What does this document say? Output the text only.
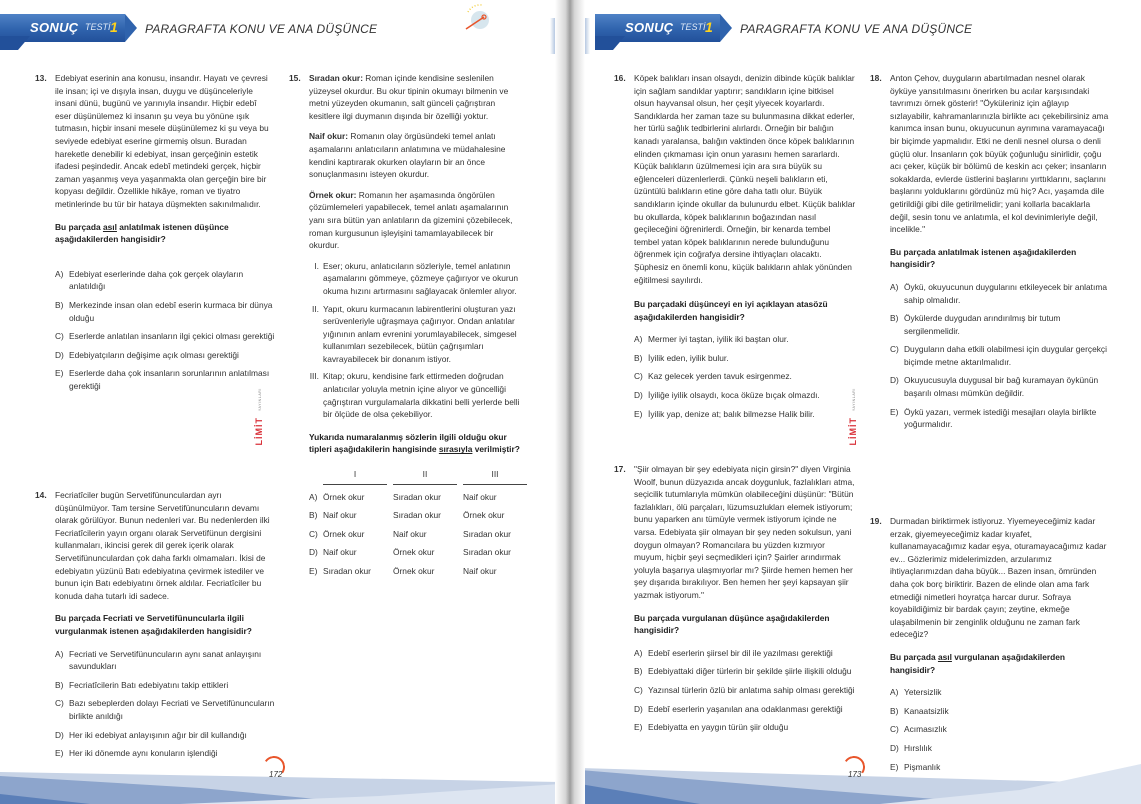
SONUÇ TESTİ 1 PARAGRAFTA KONU VE ANA DÜŞÜNCE
13. Edebiyat eserinin ana konusu, insandır. Hayatı ve çevresi ile insan; içi ve dışıyla insan, duygu ve düşünceleriyle insani dünü, bugünü ve yarınıyla insandır. Hiçbir edebî eser düşünülemez ki insanın şu veya bu yönüne ışık tutmasın, hiçbir insani mesele düşünülemez ki şu veya bu seviyede edebiyat eserine girmemiş olsun. Buradan hareketle denebilir ki edebiyat, insan gerçeğinin estetik ifadesi peşindedir. Ancak edebî metindeki gerçek, hiçbir zaman yaşanmış veya yaşanmakta olan gerçeğin bire bir kopyası değildir. Özellikle hikâye, roman ve tiyatro metinlerinde bu tür bir hataya düşmekten sakınılmalıdır.
Bu parçada asıl anlatılmak istenen düşünce aşağıdakilerden hangisidir?
A) Edebiyat eserlerinde daha çok gerçek olayların anlatıldığı
B) Merkezinde insan olan edebî eserin kurmaca bir dünya olduğu
C) Eserlerde anlatılan insanların ilgi çekici olması gerektiği
D) Edebiyatçıların değişime açık olması gerektiği
E) Eserlerde daha çok insanların sorunlarının anlatılması gerektiği
14. Fecriatîciler bugün Servetifünunculardan ayrı düşünülmüyor. Tam tersine Servetifünuncuların devamı olarak görülüyor. Bunun nedenleri var. Bu nedenlerden ilki Fecriatîcilerin yayın organı olarak Servetifünun dergisini kullanmaları, ikincisi gerek dil gerek içerik olarak Servetifünunculardan çok daha farklı olmamaları. İkisi de edebiyatın yüzünü Batı edebiyatına çevirmek istediler ve bunun için Batı edebiyatını örnek aldılar. Fecriatîciler bu konuda daha tutarlı idi sadece.
Bu parçada Fecriati ve Servetifünuncularla ilgili vurgulanmak istenen aşağıdakilerden hangisidir?
A) Fecriati ve Servetifünuncuların aynı sanat anlayışını savundukları
B) Fecriatîcilerin Batı edebiyatını takip ettikleri
C) Bazı sebeplerden dolayı Fecriati ve Servetifünuncuların birlikte anıldığı
D) Her iki edebiyat anlayışının ağır bir dil kullandığı
E) Her iki dönemde aynı konuların işlendiği
LİMİT
YAYINLARI
15. Sıradan okur: Roman içinde kendisine seslenilen yüzeysel okurdur. Bu okur tipinin okumayı bilmenin ve metni yüzeyden okumanın, salt günceli çağrıştıran kesitlere ilgi duymanın dışında bir özelliği yoktur.
Naif okur: Romanın olay örgüsündeki temel anlatı aşamalarını anlatıcıların anlatımına ve müdahalesine kendini kaptırarak okurken olayların bir an önce sonuçlanmasını isteyen okurdur.
Örnek okur: Romanın her aşamasında öngörülen çözümlemeleri yapabilecek, temel anlatı aşamalarının yanı sıra bütün yan anlatıların da gizemini çözebilecek, roman kurgusunun işleyişini tamamlayabilecek bir okurdur.
I. Eser; okuru, anlatıcıların sözleriyle, temel anlatının aşamalarını gömmeye, çözmeye çağırıyor ve okurun okuma hızını artırmasını sağlayacak önlemler alıyor.
II. Yapıt, okuru kurmacanın labirentlerini oluşturan yazı serüvenleriyle uğraşmaya çağırıyor. Ondan anlatılar yığınının anlam evrenini yorumlayabilecek, simgesel kullanımları sezebilecek, bütün çağrışımları kavrayabilecek bir donanım istiyor.
III. Kitap; okuru, kendisine fark ettirmeden doğrudan anlatıcılar yoluyla metnin içine alıyor ve güncelliği çağrıştıran vurgulamalarla dikkatini belli yerlerde belli bir ölçüde de olsa çekebiliyor.
Yukarıda numaralanmış sözlerin ilgili olduğu okur tipleri aşağıdakilerin hangisinde sırasıyla verilmiştir?
I	II	III
A) Örnek okur	Sıradan okur	Naif okur
B) Naif okur	Sıradan okur	Örnek okur
C) Örnek okur	Naif okur	Sıradan okur
D) Naif okur	Örnek okur	Sıradan okur
E) Sıradan okur	Örnek okur	Naif okur
172
SONUÇ TESTİ 1 PARAGRAFTA KONU VE ANA DÜŞÜNCE
16. Köpek balıkları insan olsaydı, denizin dibinde küçük balıklar için sağlam sandıklar yaptırır; sandıkların içine bitkisel olsun hayvansal olsun, her çeşit yiyecek koyarlardı. Sandıklarda her zaman taze su bulunmasına dikkat ederler, her türlü sağlık tedbirlerini alırlardı. Örneğin bir balığın kanadı yaralansa, balığın vaktinden önce köpek balıklarının elinden çıkmaması için onun yarasını hemen sararlardı. Küçük balıkların üzülmemesi için ara sıra büyük su eğlenceleri düzenlerlerdi. Çünkü neşeli balıkların eti, üzüntülü balıkların etine göre daha tatlı olur. Büyük sandıkların içinde okullar da bulunurdu elbet. Küçük balıklar bu okullarda, köpek balıklarının boğazından nasıl geçileceğini öğrenirlerdi. Örneğin, bir kenarda tembel tembel yatan köpek balıklarının nerede bulunduğunu öğrenmek için coğrafya dersine ihtiyaçları olacaktı. Şüphesiz en önemli konu, küçük balıkların ahlak yönünden eğitilmesi sayılırdı.
Bu parçadaki düşünceyi en iyi açıklayan atasözü aşağıdakilerden hangisidir?
A) Mermer iyi taştan, iyilik iki baştan olur.
B) İyilik eden, iyilik bulur.
C) Kaz gelecek yerden tavuk esirgenmez.
D) İyiliğe iyilik olsaydı, koca öküze bıçak olmazdı.
E) İyilik yap, denize at; balık bilmezse Halik bilir.
17. "Şiir olmayan bir şey edebiyata niçin girsin?" diyen Virginia Woolf, bunun düzyazıda ancak doygunluk, fazlalıkları atma, seçicilik tutumlarıyla mümkün olabileceğini düşünür: "Bütün fazlalıkları, ölü parçaları, lüzumsuzlukları elemek istiyorum; bunu yaparken anı tümüyle vermek istiyorum içinde ne varsa. Edebiyata şiir olmayan bir şey neden sokulsun, yani doygun olmayan? Romancılara bu yüzden kızmıyor muyum, hiçbir şeyi seçmedikleri için? Şairler arındırmak yoluyla başarıya ulaşmıyorlar mı? Şiirde hemen hemen her şey dışarıda bırakılıyor. Ben hemen her şeyi kapsayan şiir yazmak istiyorum."
Bu parçada vurgulanan düşünce aşağıdakilerden hangisidir?
A) Edebî eserlerin şiirsel bir dil ile yazılması gerektiği
B) Edebiyattaki diğer türlerin bir şekilde şiirle ilişkili olduğu
C) Yazınsal türlerin özlü bir anlatıma sahip olması gerektiği
D) Edebî eserlerin yaşanılan ana odaklanması gerektiği
E) Edebiyatta en yaygın türün şiir olduğu
LİMİT
YAYINLARI
18. Anton Çehov, duyguların abartılmadan nesnel olarak öyküye yansıtılmasını önerirken bu acılar karşısındaki tavrımızı örnek gösterir! "Öyküleriniz için ağlayıp sızlayabilir, kahramanlarınızla birlikte acı çekebilirsiniz ama kanımca insan bunu, okuyucunun ayrımına varamayacağı bir biçimde yapmalıdır. Etki ne denli nesnel olursa o denli güçlü olur. İnsanların çok büyük çoğunluğu sinirlidir, çoğu acı çeker, küçük bir bölümü de keskin acı çeker; insanların sokaklarda, evlerde üstlerini başlarını yırttıklarını, saçlarını başlarını yolduklarını gördünüz mü hiç? Acı, yaşamda dile getirildiği gibi dile getirilmelidir; yani kollarla bacaklarla değil, sesin tonu ve anlatımla, el kol devinimleriyle değil, incelikle."
Bu parçada anlatılmak istenen aşağıdakilerden hangisidir?
A) Öykü, okuyucunun duygularını etkileyecek bir anlatıma sahip olmalıdır.
B) Öykülerde duygudan arındırılmış bir tutum sergilenmelidir.
C) Duyguların daha etkili olabilmesi için duygular gerçekçi biçimde metne aktarılmalıdır.
D) Okuyucusuyla duygusal bir bağ kuramayan öykünün başarılı olması mümkün değildir.
E) Öykü yazarı, vermek istediği mesajları olayla birlikte yoğurmalıdır.
19. Durmadan biriktirmek istiyoruz. Yiyemeyeceğimiz kadar erzak, giyemeyeceğimiz kadar kıyafet, kullanamayacağımız kadar eşya, oturamayacağımız kadar ev... Gözlerimiz midelerimizden, arzularımız ihtiyaçlarımızdan daha büyük... Bazen insan, ömründen daha çok borç biriktirir. Bazen de elinde olan ama fark etmediği nimetleri hoyratça harcar durur. Sofraya koyabildiğimiz bir bardak çayın; zeytine, ekmeğe ulaşabilmenin bir zenginlik olduğunu ne zaman fark edeceğiz?
Bu parçada asıl vurgulanan aşağıdakilerden hangisidir?
A) Yetersizlik
B) Kanaatsizlik
C) Acımasızlık
D) Hırslılık
E) Pişmanlık
173
